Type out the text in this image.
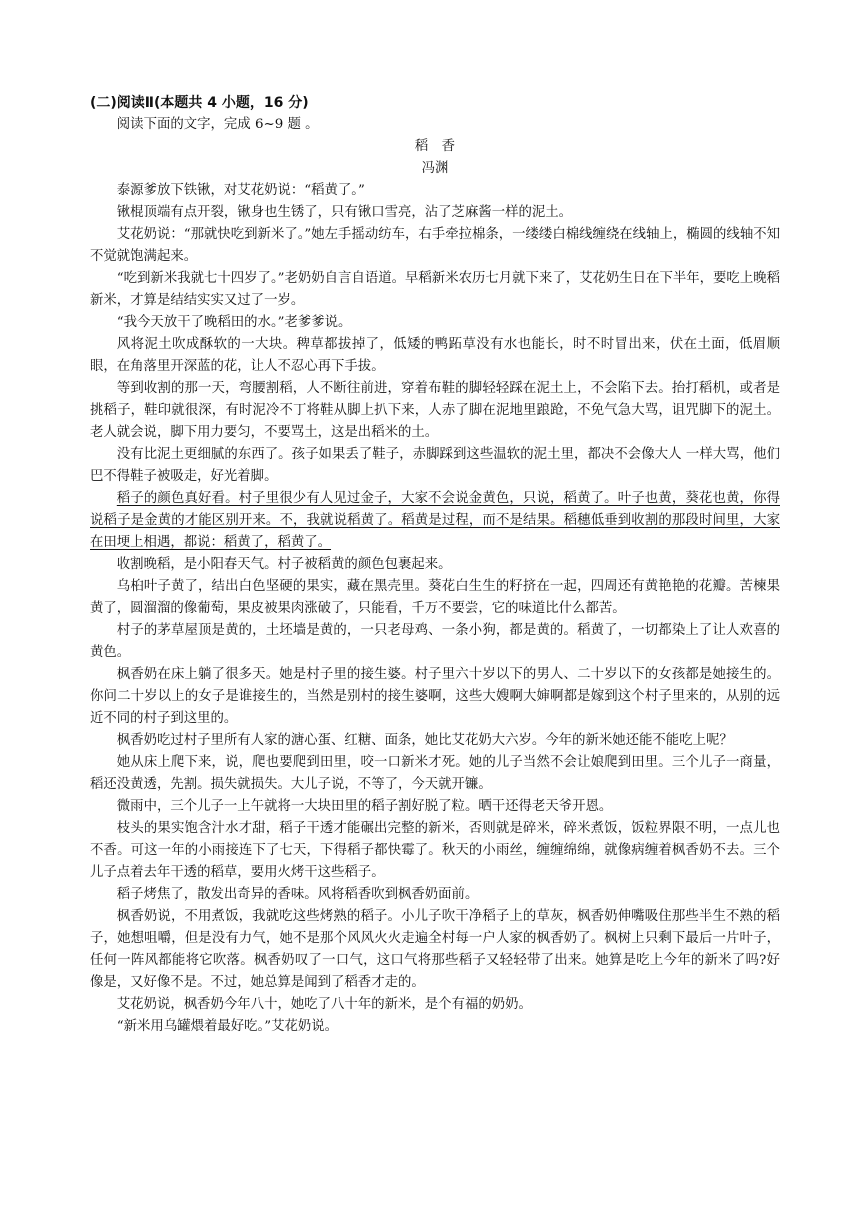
(二)阅读Ⅱ(本题共 4 小题，16 分)

阅读下面的文字，完成 6~9 题 。

稻　香

冯渊

泰源爹放下铁锹，对艾花奶说：“稻黄了。”

锹棍顶端有点开裂，锹身也生锈了，只有锹口雪亮，沾了芝麻酱一样的泥土。

艾花奶说：“那就快吃到新米了。”她左手摇动纺车，右手牵拉棉条，一缕缕白棉线缠绕在线轴上，椭圆的线轴不知不觉就饱满起来。

“吃到新米我就七十四岁了。”老奶奶自言自语道。早稻新米农历七月就下来了，艾花奶生日在下半年，要吃上晚稻新米，才算是结结实实又过了一岁。

“我今天放干了晚稻田的水。”老爹爹说。

风将泥土吹成酥软的一大块。稗草都拔掉了，低矮的鸭跖草没有水也能长，时不时冒出来，伏在土面，低眉顺眼，在角落里开深蓝的花，让人不忍心再下手拔。

等到收割的那一天，弯腰割稻，人不断往前进，穿着布鞋的脚轻轻踩在泥土上，不会陷下去。抬打稻机，或者是挑稻子，鞋印就很深，有时泥冷不丁将鞋从脚上扒下来，人赤了脚在泥地里踉跄，不免气急大骂，诅咒脚下的泥土。老人就会说，脚下用力要匀，不要骂土，这是出稻米的土。

没有比泥土更细腻的东西了。孩子如果丢了鞋子，赤脚踩到这些温软的泥土里，都决不会像大人 一样大骂，他们巴不得鞋子被吸走，好光着脚。

稻子的颜色真好看。村子里很少有人见过金子，大家不会说金黄色，只说，稻黄了。叶子也黄，葵花也黄，你得说稻子是金黄的才能区别开来。不，我就说稻黄了。稻黄是过程，而不是结果。稻穗低垂到收割的那段时间里，大家在田埂上相遇，都说：稻黄了，稻黄了。

收割晚稻，是小阳春天气。村子被稻黄的颜色包裹起来。

乌桕叶子黄了，结出白色坚硬的果实，藏在黑壳里。葵花白生生的籽挤在一起，四周还有黄艳艳的花瓣。苦楝果黄了，圆溜溜的像葡萄，果皮被果肉涨破了，只能看，千万不要尝，它的味道比什么都苦。

村子的茅草屋顶是黄的，土坯墙是黄的，一只老母鸡、一条小狗，都是黄的。稻黄了，一切都染上了让人欢喜的黄色。

枫香奶在床上躺了很多天。她是村子里的接生婆。村子里六十岁以下的男人、二十岁以下的女孩都是她接生的。你问二十岁以上的女子是谁接生的，当然是别村的接生婆啊，这些大嫂啊大婶啊都是嫁到这个村子里来的，从别的远近不同的村子到这里的。

枫香奶吃过村子里所有人家的溏心蛋、红糖、面条，她比艾花奶大六岁。今年的新米她还能不能吃上呢？

她从床上爬下来，说，爬也要爬到田里，咬一口新米才死。她的儿子当然不会让娘爬到田里。三个儿子一商量，稻还没黄透，先割。损失就损失。大儿子说，不等了，今天就开镰。

微雨中，三个儿子一上午就将一大块田里的稻子割好脱了粒。晒干还得老天爷开恩。

枝头的果实饱含汁水才甜，稻子干透才能碾出完整的新米，否则就是碎米，碎米煮饭，饭粒界限不明，一点儿也不香。可这一年的小雨接连下了七天，下得稻子都快霉了。秋天的小雨丝，缠缠绵绵，就像病缠着枫香奶不去。三个儿子点着去年干透的稻草，要用火烤干这些稻子。

稻子烤焦了，散发出奇异的香味。风将稻香吹到枫香奶面前。

枫香奶说，不用煮饭，我就吃这些烤熟的稻子。小儿子吹干净稻子上的草灰，枫香奶伸嘴吸住那些半生不熟的稻子，她想咀嚼，但是没有力气，她不是那个风风火火走遍全村每一户人家的枫香奶了。枫树上只剩下最后一片叶子，任何一阵风都能将它吹落。枫香奶叹了一口气，这口气将那些稻子又轻轻带了出来。她算是吃上今年的新米了吗?好像是，又好像不是。不过，她总算是闻到了稻香才走的。

艾花奶说，枫香奶今年八十，她吃了八十年的新米，是个有福的奶奶。

“新米用乌罐煨着最好吃。”艾花奶说。
